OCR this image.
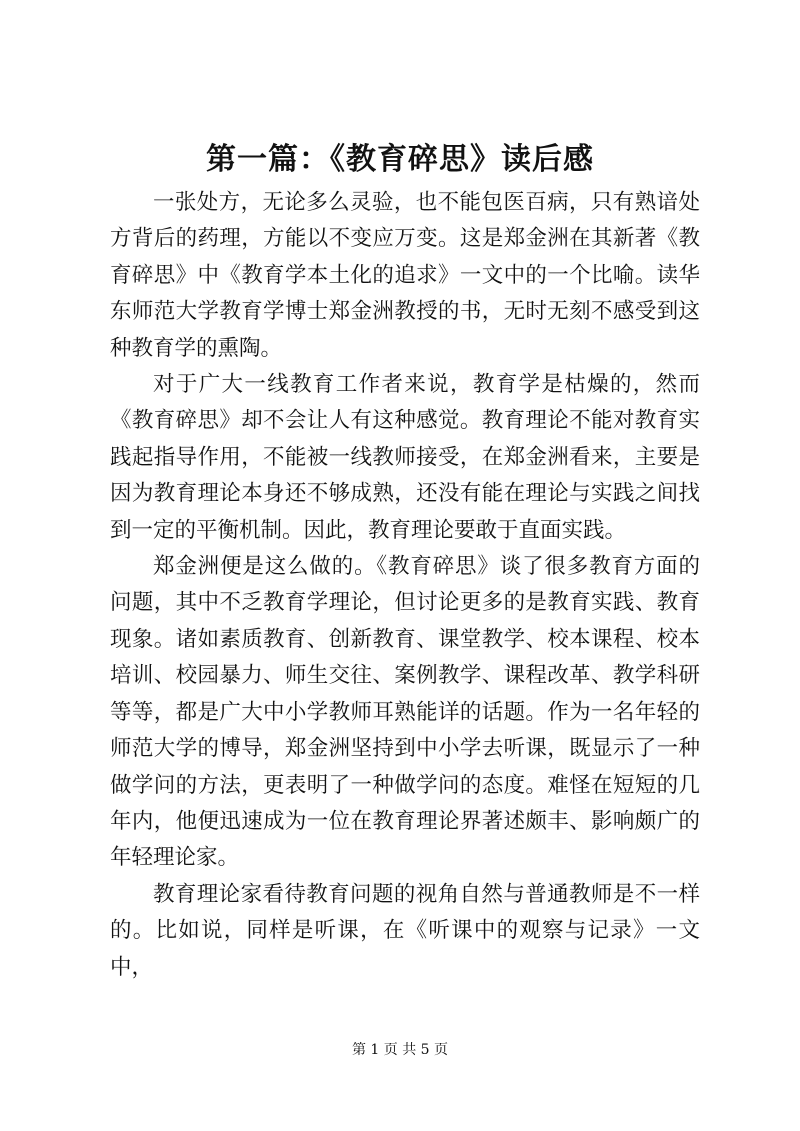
第一篇：《教育碎思》读后感

一张处方，无论多么灵验，也不能包医百病，只有熟谙处方背后的药理，方能以不变应万变。这是郑金洲在其新著《教育碎思》中《教育学本土化的追求》一文中的一个比喻。读华东师范大学教育学博士郑金洲教授的书，无时无刻不感受到这种教育学的熏陶。

对于广大一线教育工作者来说，教育学是枯燥的，然而《教育碎思》却不会让人有这种感觉。教育理论不能对教育实践起指导作用，不能被一线教师接受，在郑金洲看来，主要是因为教育理论本身还不够成熟，还没有能在理论与实践之间找到一定的平衡机制。因此，教育理论要敢于直面实践。

郑金洲便是这么做的。《教育碎思》谈了很多教育方面的问题，其中不乏教育学理论，但讨论更多的是教育实践、教育现象。诸如素质教育、创新教育、课堂教学、校本课程、校本培训、校园暴力、师生交往、案例教学、课程改革、教学科研等等，都是广大中小学教师耳熟能详的话题。作为一名年轻的师范大学的博导，郑金洲坚持到中小学去听课，既显示了一种做学问的方法，更表明了一种做学问的态度。难怪在短短的几年内，他便迅速成为一位在教育理论界著述颇丰、影响颇广的年轻理论家。

教育理论家看待教育问题的视角自然与普通教师是不一样的。比如说，同样是听课，在《听课中的观察与记录》一文中，

第 1 页 共 5 页
